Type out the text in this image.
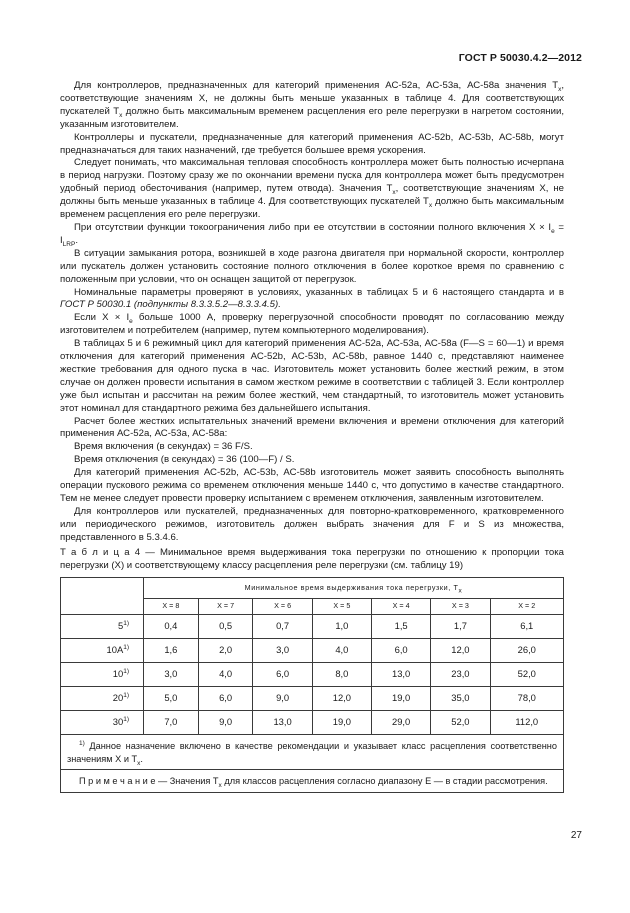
ГОСТ Р 50030.4.2—2012

Для контроллеров, предназначенных для категорий применения АС-52а, АС-53а, АС-58а значения $T_x$, соответствующие значениям X, не должны быть меньше указанных в таблице 4. Для соответствующих пускателей $T_x$ должно быть максимальным временем расцепления его реле перегрузки в нагретом состоянии, указанным изготовителем.

Контроллеры и пускатели, предназначенные для категорий применения АС-52b, АС-53b, АС-58b, могут предназначаться для таких назначений, где требуется большее время ускорения.

Следует понимать, что максимальная тепловая способность контроллера может быть полностью исчерпана в период нагрузки. Поэтому сразу же по окончании времени пуска для контроллера может быть предусмотрен удобный период обесточивания (например, путем отвода). Значения $T_x$, соответствующие значениям X, не должны быть меньше указанных в таблице 4. Для соответствующих пускателей $T_x$ должно быть максимальным временем расцепления его реле перегрузки.

При отсутствии функции токоограничения либо при ее отсутствии в состоянии полного включения $X \times I_e = I_{LRP}$.

В ситуации замыкания ротора, возникшей в ходе разгона двигателя при нормальной скорости, контроллер или пускатель должен установить состояние полного отключения в более короткое время по сравнению с положенным при условии, что он оснащен защитой от перегрузок.

Номинальные параметры проверяют в условиях, указанных в таблицах 5 и 6 настоящего стандарта и в ГОСТ Р 50030.1 (подпункты 8.3.3.5.2—8.3.3.4.5).

Если $X \times I_e$ больше 1000 А, проверку перегрузочной способности проводят по согласованию между изготовителем и потребителем (например, путем компьютерного моделирования).

В таблицах 5 и 6 режимный цикл для категорий применения АС-52а, АС-53а, АС-58а (F—S = 60—1) и время отключения для категорий применения АС-52b, АС-53b, АС-58b, равное 1440 с, представляют наименее жесткие требования для одного пуска в час. Изготовитель может установить более жесткий режим, в этом случае он должен провести испытания в самом жестком режиме в соответствии с таблицей 3. Если контроллер уже был испытан и рассчитан на режим более жесткий, чем стандартный, то изготовитель может установить этот номинал для стандартного режима без дальнейшего испытания.

Расчет более жестких испытательных значений времени включения и времени отключения для категорий применения АС-52а, АС-53а, АС-58а:

Время включения (в секундах) = 36 F/S.

Время отключения (в секундах) = 36 (100—F) / S.

Для категорий применения АС-52b, АС-53b, АС-58b изготовитель может заявить способность выполнять операции пускового режима со временем отключения меньше 1440 с, что допустимо в качестве стандартного. Тем не менее следует провести проверку испытанием с временем отключения, заявленным изготовителем.

Для контроллеров или пускателей, предназначенных для повторно-кратковременного, кратковременного или периодического режимов, изготовитель должен выбрать значения для F и S из множества, представленного в 5.3.4.6.

Т а б л и ц а 4 — Минимальное время выдерживания тока перегрузки по отношению к пропорции тока перегрузки (X) и соответствующему классу расцепления реле перегрузки (см. таблицу 19)

	Минимальное время выдерживания тока перегрузки, $T_x$
	X = 8	X = 7	X = 6	X = 5	X = 4	X = 3	X = 2
5$^{1)}$	0,4	0,5	0,7	1,0	1,5	1,7	6,1
$10A^{1)}$	1,6	2,0	3,0	4,0	6,0	12,0	26,0
10$^{1)}$	3,0	4,0	6,0	8,0	13,0	23,0	52,0
20$^{1)}$	5,0	6,0	9,0	12,0	19,0	35,0	78,0
30$^{1)}$	7,0	9,0	13,0	19,0	29,0	52,0	112,0
$^{1)}$ Данное назначение включено в качестве рекомендации и указывает класс расцепления соответственно значениям X и $T_x$.							
П р и м е ч а н и е — Значения $T_x$ для классов расцепления согласно диапазону Е — в стадии рассмотрения.							
27
